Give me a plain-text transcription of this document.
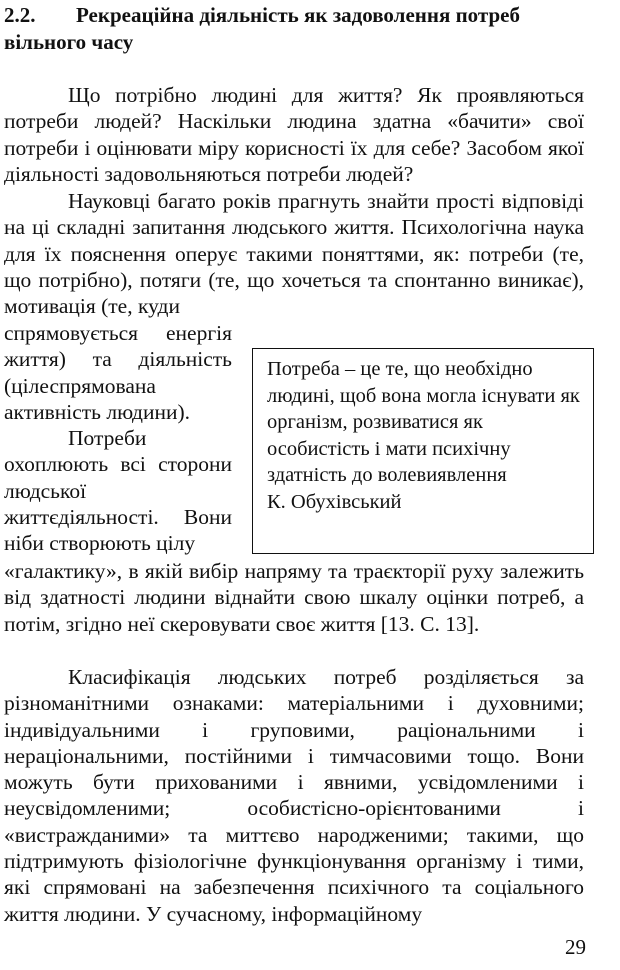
2.2. Рекреаційна діяльність як задоволення потреб вільного часу

Що потрібно людині для життя? Як проявляються потреби людей? Наскільки людина здатна «бачити» свої потреби і оцінювати міру корисності їх для себе? Засобом якої діяльності задовольняються потреби людей?

Науковці багато років прагнуть знайти прості відповіді на ці складні запитання людського життя. Психологічна наука для їх пояснення оперує такими поняттями, як: потреби (те, що потрібно), потяги (те, що хочеться та спонтанно виникає), мотивація (те, куди

спрямовується енергія життя) та діяльність (цілеспрямована активність людини).
Потреби охоплюють всі сторони людської життєдіяльності. Вони ніби створюють цілу
Потреба – це те, що необхідно людині, щоб вона могла існувати як організм, розвиватися як особистість і мати психічну здатність до волевиявлення
К. Обухівський

«галактику», в якій вибір напряму та траєкторії руху залежить від здатності людини віднайти свою шкалу оцінки потреб, а потім, згідно неї скеровувати своє життя [13. С. 13].

Класифікація людських потреб розділяється за різноманітними ознаками: матеріальними і духовними; індивідуальними і груповими, раціональними і нераціональними, постійними і тимчасовими тощо. Вони можуть бути прихованими і явними, усвідомленими і неусвідомленими; особистісно-орієнтованими і «вистражданими» та миттєво народженими; такими, що підтримують фізіологічне функціонування організму і тими, які спрямовані на забезпечення психічного та соціального життя людини. У сучасному, інформаційному

29
